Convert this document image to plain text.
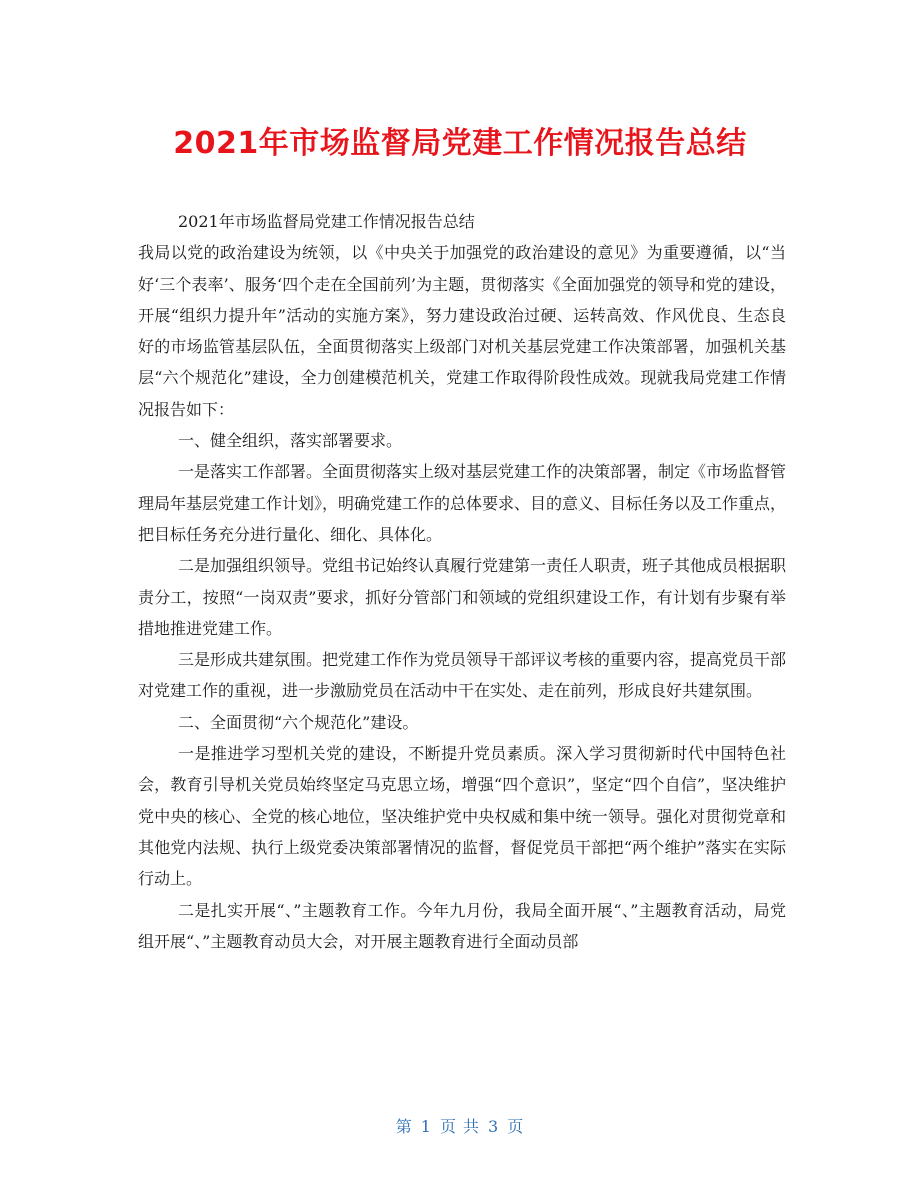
2021年市场监督局党建工作情况报告总结

2021年市场监督局党建工作情况报告总结

我局以党的政治建设为统领，以《中央关于加强党的政治建设的意见》为重要遵循，以“当好‘三个表率’、服务‘四个走在全国前列’为主题，贯彻落实《全面加强党的领导和党的建设，开展“组织力提升年”活动的实施方案》，努力建设政治过硬、运转高效、作风优良、生态良好的市场监管基层队伍，全面贯彻落实上级部门对机关基层党建工作决策部署，加强机关基层“六个规范化”建设，全力创建模范机关，党建工作取得阶段性成效。现就我局党建工作情况报告如下：

一、健全组织，落实部署要求。

一是落实工作部署。全面贯彻落实上级对基层党建工作的决策部署，制定《市场监督管理局年基层党建工作计划》，明确党建工作的总体要求、目的意义、目标任务以及工作重点，把目标任务充分进行量化、细化、具体化。

二是加强组织领导。党组书记始终认真履行党建第一责任人职责，班子其他成员根据职责分工，按照“一岗双责”要求，抓好分管部门和领域的党组织建设工作，有计划有步聚有举措地推进党建工作。

三是形成共建氛围。把党建工作作为党员领导干部评议考核的重要内容，提高党员干部对党建工作的重视，进一步激励党员在活动中干在实处、走在前列，形成良好共建氛围。

二、全面贯彻“六个规范化”建设。

一是推进学习型机关党的建设，不断提升党员素质。深入学习贯彻新时代中国特色社会，教育引导机关党员始终坚定马克思立场，增强“四个意识”，坚定“四个自信”，坚决维护党中央的核心、全党的核心地位，坚决维护党中央权威和集中统一领导。强化对贯彻党章和其他党内法规、执行上级党委决策部署情况的监督，督促党员干部把“两个维护”落实在实际行动上。

二是扎实开展“、”主题教育工作。今年九月份，我局全面开展“、”主题教育活动，局党组开展“、”主题教育动员大会，对开展主题教育进行全面动员部

第 1 页 共 3 页
